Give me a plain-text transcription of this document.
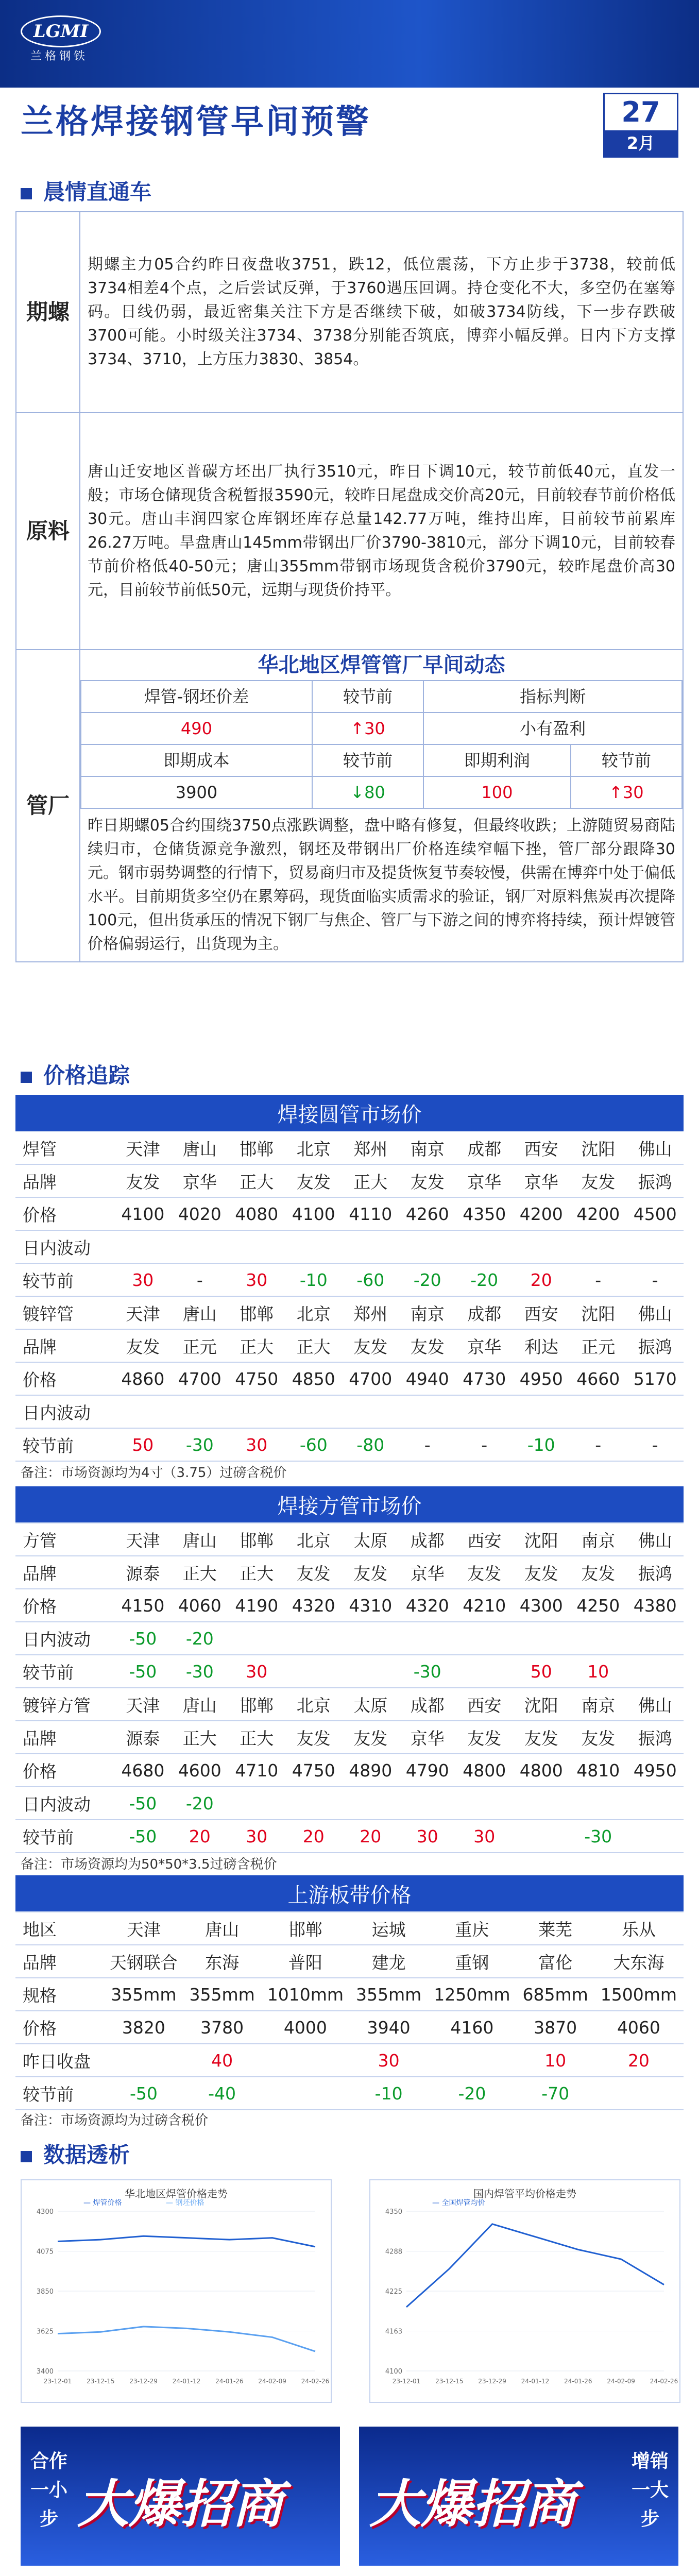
LGMI
兰格钢铁
兰格焊接钢管早间预警	27
2月
晨情直通车
期螺	期螺主力05合约昨日夜盘收3751，跌12，低位震荡，下方止步于3738，较前低3734相差4个点，之后尝试反弹，于3760遇压回调。持仓变化不大，多空仍在塞筹码。日线仍弱，最近密集关注下方是否继续下破，如破3734防线，下一步存跌破3700可能。小时级关注3734、3738分别能否筑底，博弈小幅反弹。日内下方支撑3734、3710，上方压力3830、3854。
原料	唐山迁安地区普碳方坯出厂执行3510元，昨日下调10元，较节前低40元，直发一般；市场仓储现货含税暂报3590元，较昨日尾盘成交价高20元，目前较春节前价格低30元。唐山丰润四家仓库钢坯库存总量142.77万吨，维持出库，目前较节前累库26.27万吨。旱盘唐山145mm带钢出厂价3790-3810元，部分下调10元，目前较春节前价格低40-50元；唐山355mm带钢市场现货含税价3790元，较昨尾盘价高30元，目前较节前低50元，远期与现货价持平。
管厂	
华北地区焊管管厂早间动态
焊管-钢坯价差	较节前	指标判断
490	↑30	小有盈利
即期成本	较节前	即期利润	较节前
3900	↓80	100	↑30
昨日期螺05合约围绕3750点涨跌调整，盘中略有修复，但最终收跌；上游随贸易商陆续归市，仓储货源竞争激烈，钢坯及带钢出厂价格连续窄幅下挫，管厂部分跟降30元。钢市弱势调整的行情下，贸易商归市及提货恢复节奏较慢，供需在博弈中处于偏低水平。目前期货多空仍在累筹码，现货面临实质需求的验证，钢厂对原料焦炭再次提降100元，但出货承压的情况下钢厂与焦企、管厂与下游之间的博弈将持续，预计焊镀管价格偏弱运行，出货现为主。
价格追踪
焊接圆管市场价										
焊管	天津	唐山	邯郸	北京	郑州	南京	成都	西安	沈阳	佛山
品牌	友发	京华	正大	友发	正大	友发	京华	京华	友发	振鸿
价格	4100	4020	4080	4100	4110	4260	4350	4200	4200	4500
日内波动										
较节前	30	-	30	-10	-60	-20	-20	20	-	-
镀锌管	天津	唐山	邯郸	北京	郑州	南京	成都	西安	沈阳	佛山
品牌	友发	正元	正大	正大	友发	友发	京华	利达	正元	振鸿
价格	4860	4700	4750	4850	4700	4940	4730	4950	4660	5170
日内波动										
较节前	50	-30	30	-60	-80	-	-	-10	-	-
备注：市场资源均为4寸（3.75）过磅含税价
焊接方管市场价										
方管	天津	唐山	邯郸	北京	太原	成都	西安	沈阳	南京	佛山
品牌	源泰	正大	正大	友发	友发	京华	友发	友发	友发	振鸿
价格	4150	4060	4190	4320	4310	4320	4210	4300	4250	4380
日内波动	-50	-20								
较节前	-50	-30	30			-30		50	10	
镀锌方管	天津	唐山	邯郸	北京	太原	成都	西安	沈阳	南京	佛山
品牌	源泰	正大	正大	友发	友发	京华	友发	友发	友发	振鸿
价格	4680	4600	4710	4750	4890	4790	4800	4800	4810	4950
日内波动	-50	-20								
较节前	-50	20	30	20	20	30	30		-30	
备注：市场资源均为50*50*3.5过磅含税价
上游板带价格							
地区	天津	唐山	邯郸	运城	重庆	莱芜	乐从
品牌	天钢联合	东海	普阳	建龙	重钢	富伦	大东海
规格	355mm	355mm	1010mm	355mm	1250mm	685mm	1500mm
价格	3820	3780	4000	3940	4160	3870	4060
昨日收盘		40		30		10	20
较节前	-50	-40		-10	-20	-70	
备注：市场资源均为过磅含税价
数据透析
华北地区焊管价格走势
3400
3625
3850
4075
4300
23-12-01 23-12-15 23-12-29 24-01-12 24-01-26 24-02-09 24-02-26
— 焊管价格	— 钢坯价格
国内焊管平均价格走势
4100
4163
4225
4288
4350
23-12-01 23-12-15 23-12-29 24-01-12 24-01-26 24-02-09 24-02-26
— 全国焊管均价
合作一小步 大爆招商 大爆招商
增销一大步
